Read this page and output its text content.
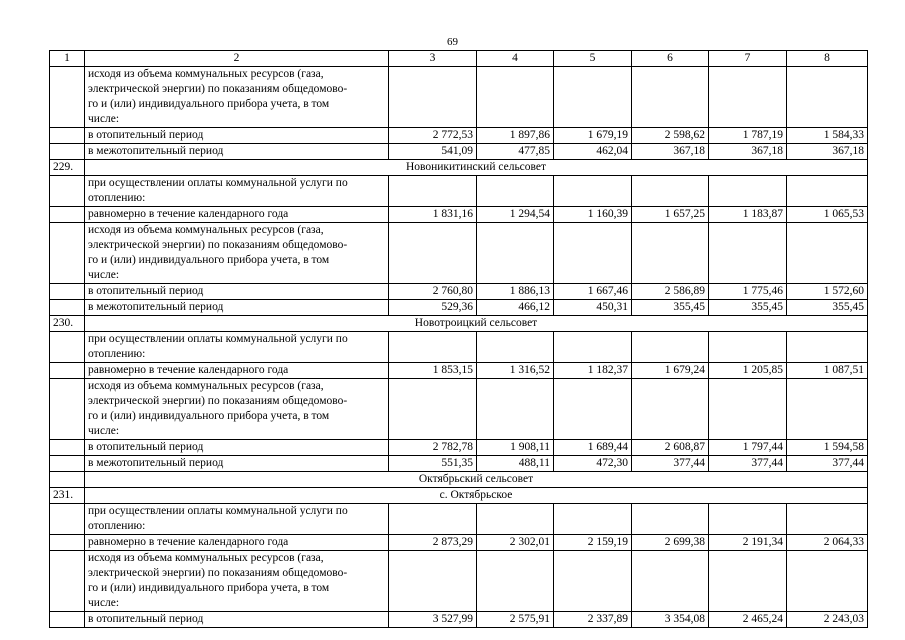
69
1	2	3	4	5	6	7	8

	исходя из объема коммунальных ресурсов (газа,
электрической энергии) по показаниям общедомово-
го и (или) индивидуального прибора учета, в том
числе:						

	в отопительный период	2 772,53	1 897,86	1 679,19	2 598,62	1 787,19	1 584,33
	в межотопительный период	541,09	477,85	462,04	367,18	367,18	367,18
229.	Новоникитинский сельсовет						

	при осуществлении оплаты коммунальной услуги по
отоплению:						

	равномерно в течение календарного года	1 831,16	1 294,54	1 160,39	1 657,25	1 183,87	1 065,53

	исходя из объема коммунальных ресурсов (газа,
электрической энергии) по показаниям общедомово-
го и (или) индивидуального прибора учета, в том
числе:						

	в отопительный период	2 760,80	1 886,13	1 667,46	2 586,89	1 775,46	1 572,60
	в межотопительный период	529,36	466,12	450,31	355,45	355,45	355,45
230.	Новотроицкий сельсовет						

	при осуществлении оплаты коммунальной услуги по
отоплению:						

	равномерно в течение календарного года	1 853,15	1 316,52	1 182,37	1 679,24	1 205,85	1 087,51

	исходя из объема коммунальных ресурсов (газа,
электрической энергии) по показаниям общедомово-
го и (или) индивидуального прибора учета, в том
числе:						

	в отопительный период	2 782,78	1 908,11	1 689,44	2 608,87	1 797,44	1 594,58
	в межотопительный период	551,35	488,11	472,30	377,44	377,44	377,44
	Октябрьский сельсовет						
231.	с. Октябрьское						

	при осуществлении оплаты коммунальной услуги по
отоплению:						

	равномерно в течение календарного года	2 873,29	2 302,01	2 159,19	2 699,38	2 191,34	2 064,33

	исходя из объема коммунальных ресурсов (газа,
электрической энергии) по показаниям общедомово-
го и (или) индивидуального прибора учета, в том
числе:						

	в отопительный период	3 527,99	2 575,91	2 337,89	3 354,08	2 465,24	2 243,03
